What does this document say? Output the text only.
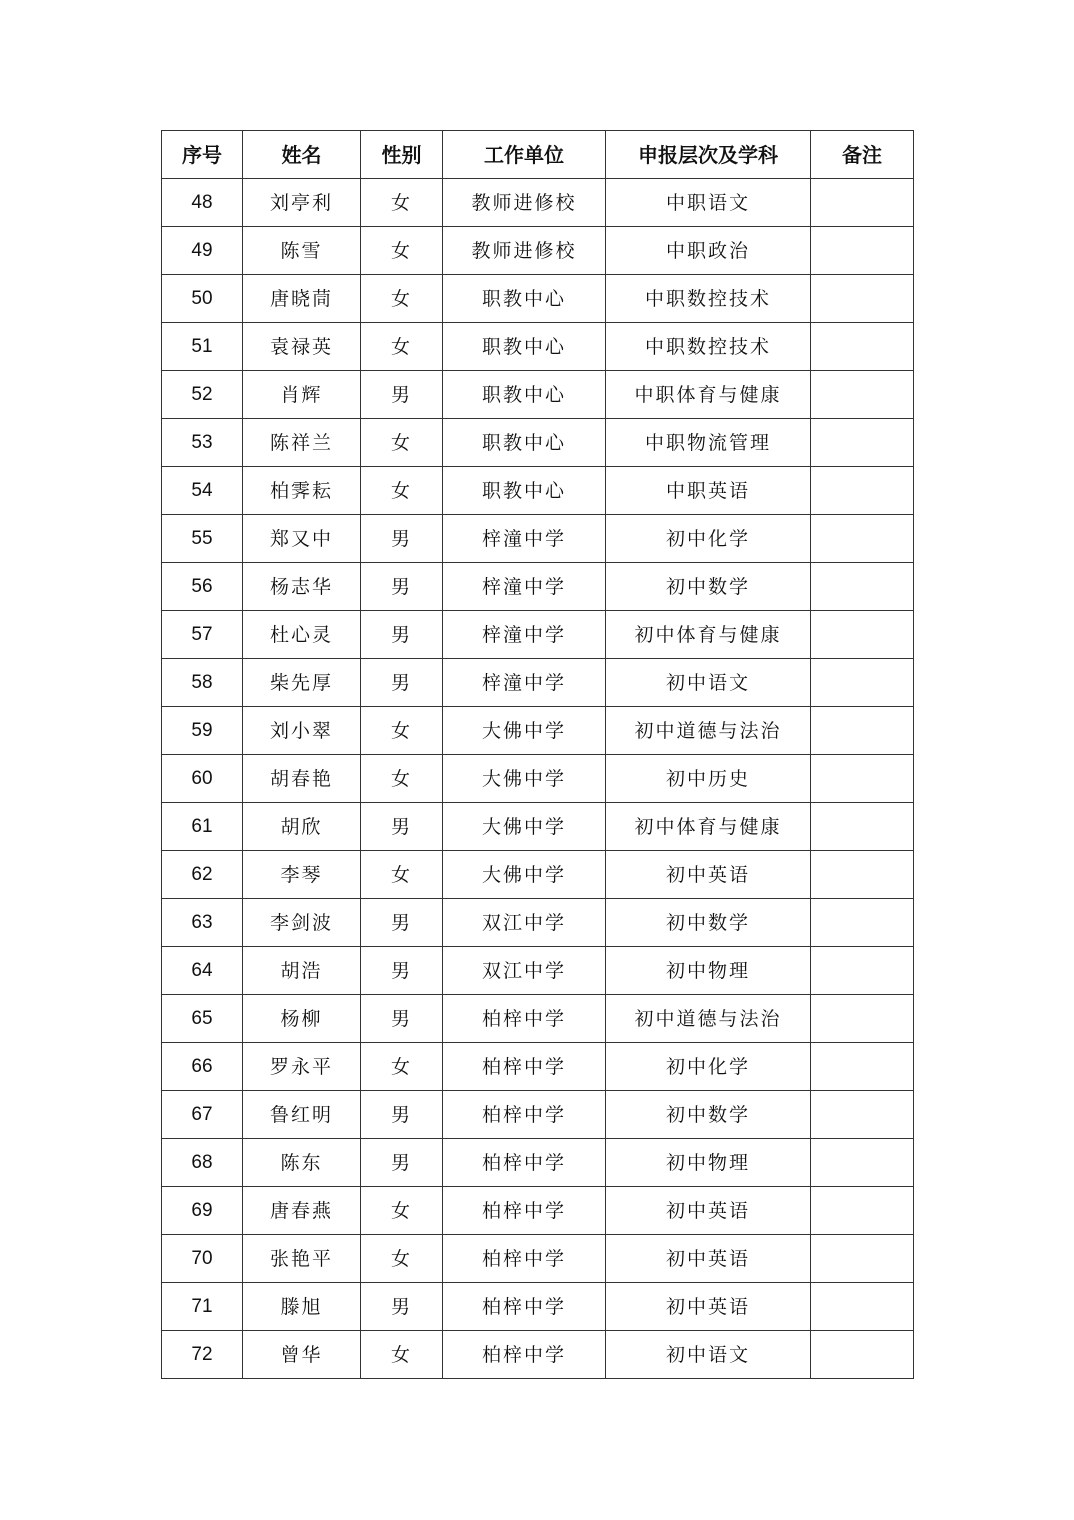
序号	姓名	性别	工作单位	申报层次及学科	备注
48	刘亭利	女	教师进修校	中职语文	
49	陈雪	女	教师进修校	中职政治	
50	唐晓茼	女	职教中心	中职数控技术	
51	袁禄英	女	职教中心	中职数控技术	
52	肖辉	男	职教中心	中职体育与健康	
53	陈祥兰	女	职教中心	中职物流管理	
54	柏霁耘	女	职教中心	中职英语	
55	郑又中	男	梓潼中学	初中化学	
56	杨志华	男	梓潼中学	初中数学	
57	杜心灵	男	梓潼中学	初中体育与健康	
58	柴先厚	男	梓潼中学	初中语文	
59	刘小翠	女	大佛中学	初中道德与法治	
60	胡春艳	女	大佛中学	初中历史	
61	胡欣	男	大佛中学	初中体育与健康	
62	李琴	女	大佛中学	初中英语	
63	李剑波	男	双江中学	初中数学	
64	胡浩	男	双江中学	初中物理	
65	杨柳	男	柏梓中学	初中道德与法治	
66	罗永平	女	柏梓中学	初中化学	
67	鲁红明	男	柏梓中学	初中数学	
68	陈东	男	柏梓中学	初中物理	
69	唐春燕	女	柏梓中学	初中英语	
70	张艳平	女	柏梓中学	初中英语	
71	滕旭	男	柏梓中学	初中英语	
72	曾华	女	柏梓中学	初中语文	
